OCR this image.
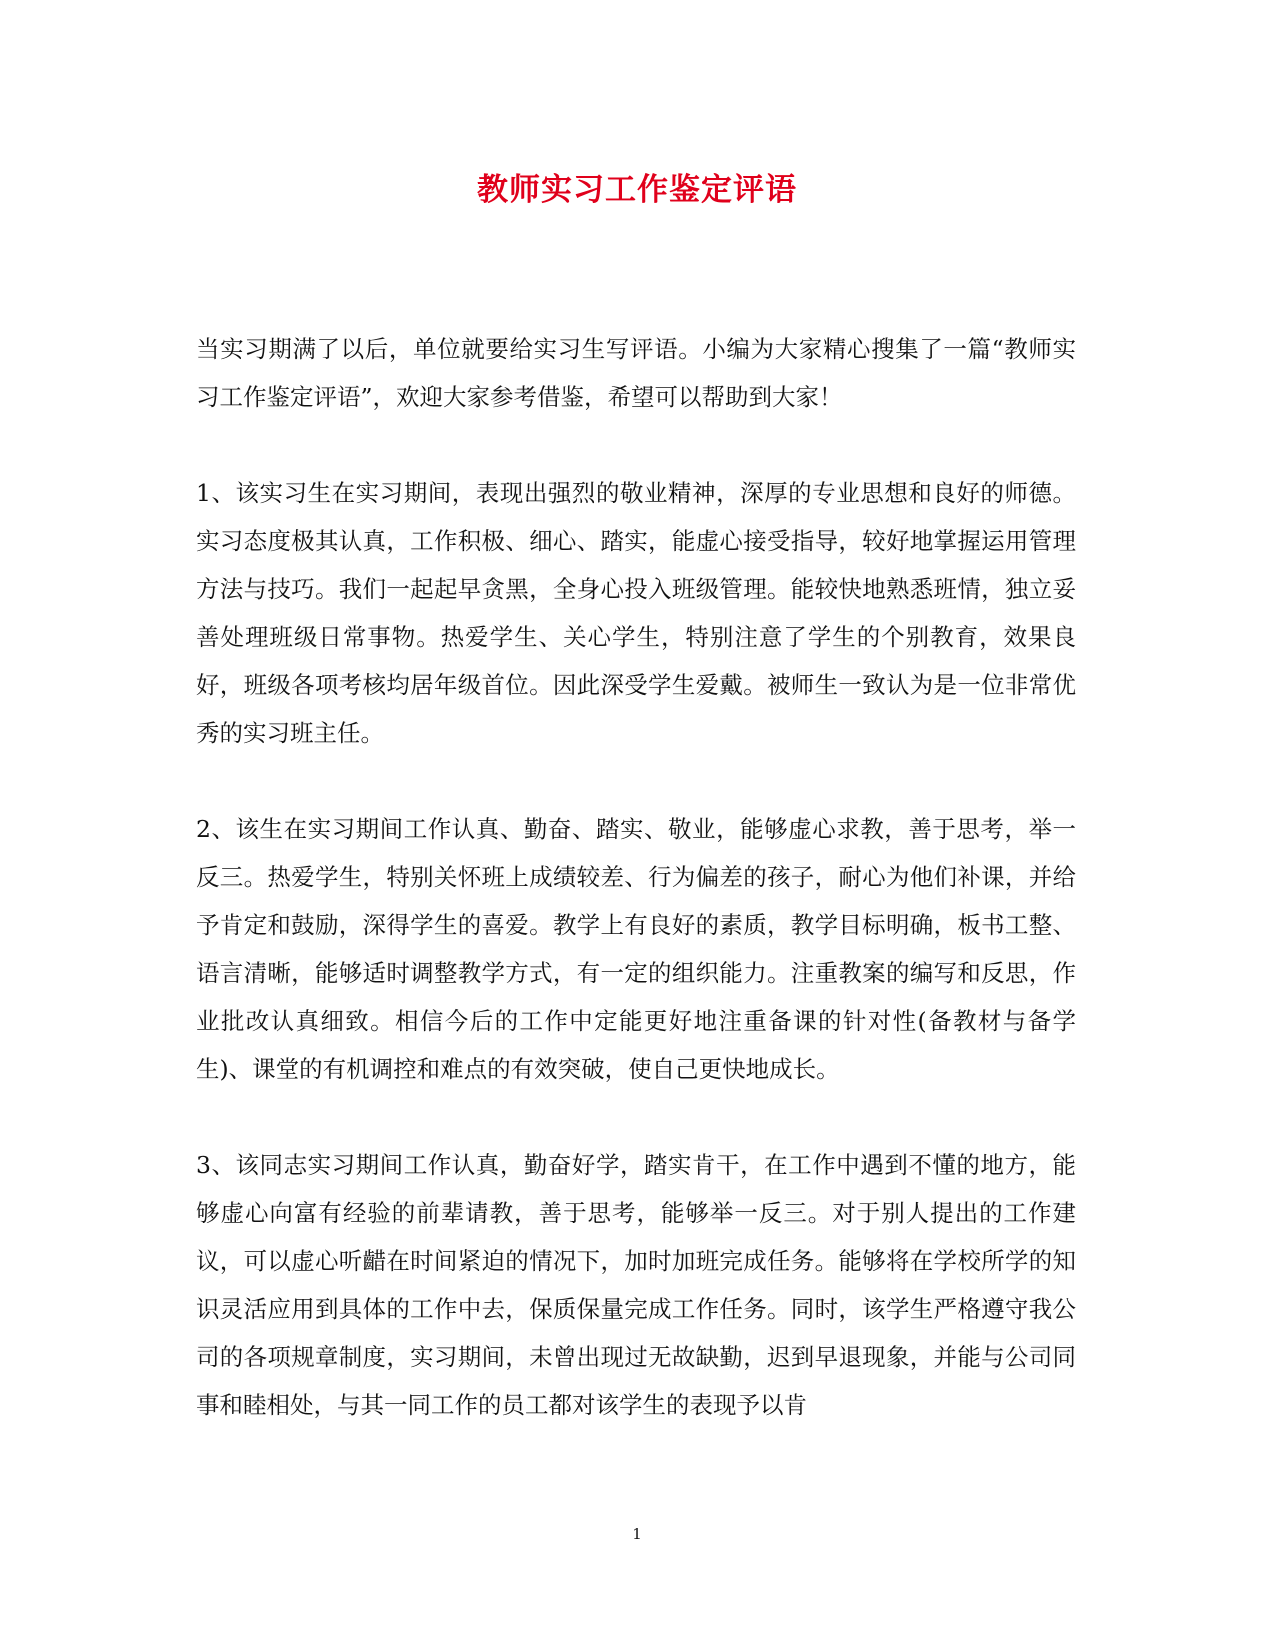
教师实习工作鉴定评语

当实习期满了以后，单位就要给实习生写评语。小编为大家精心搜集了一篇“教师实习工作鉴定评语”，欢迎大家参考借鉴，希望可以帮助到大家！

1、该实习生在实习期间，表现出强烈的敬业精神，深厚的专业思想和良好的师德。实习态度极其认真，工作积极、细心、踏实，能虚心接受指导，较好地掌握运用管理方法与技巧。我们一起起早贪黑，全身心投入班级管理。能较快地熟悉班情，独立妥善处理班级日常事物。热爱学生、关心学生，特别注意了学生的个别教育，效果良好，班级各项考核均居年级首位。因此深受学生爱戴。被师生一致认为是一位非常优秀的实习班主任。

2、该生在实习期间工作认真、勤奋、踏实、敬业，能够虚心求教，善于思考，举一反三。热爱学生，特别关怀班上成绩较差、行为偏差的孩子，耐心为他们补课，并给予肯定和鼓励，深得学生的喜爱。教学上有良好的素质，教学目标明确，板书工整、语言清晰，能够适时调整教学方式，有一定的组织能力。注重教案的编写和反思，作业批改认真细致。相信今后的工作中定能更好地注重备课的针对性(备教材与备学生)、课堂的有机调控和难点的有效突破，使自己更快地成长。

3、该同志实习期间工作认真，勤奋好学，踏实肯干，在工作中遇到不懂的地方，能够虚心向富有经验的前辈请教，善于思考，能够举一反三。对于别人提出的工作建议，可以虚心听齰在时间紧迫的情况下，加时加班完成任务。能够将在学校所学的知识灵活应用到具体的工作中去，保质保量完成工作任务。同时，该学生严格遵守我公司的各项规章制度，实习期间，未曾出现过无故缺勤，迟到早退现象，并能与公司同事和睦相处，与其一同工作的员工都对该学生的表现予以肯

1
